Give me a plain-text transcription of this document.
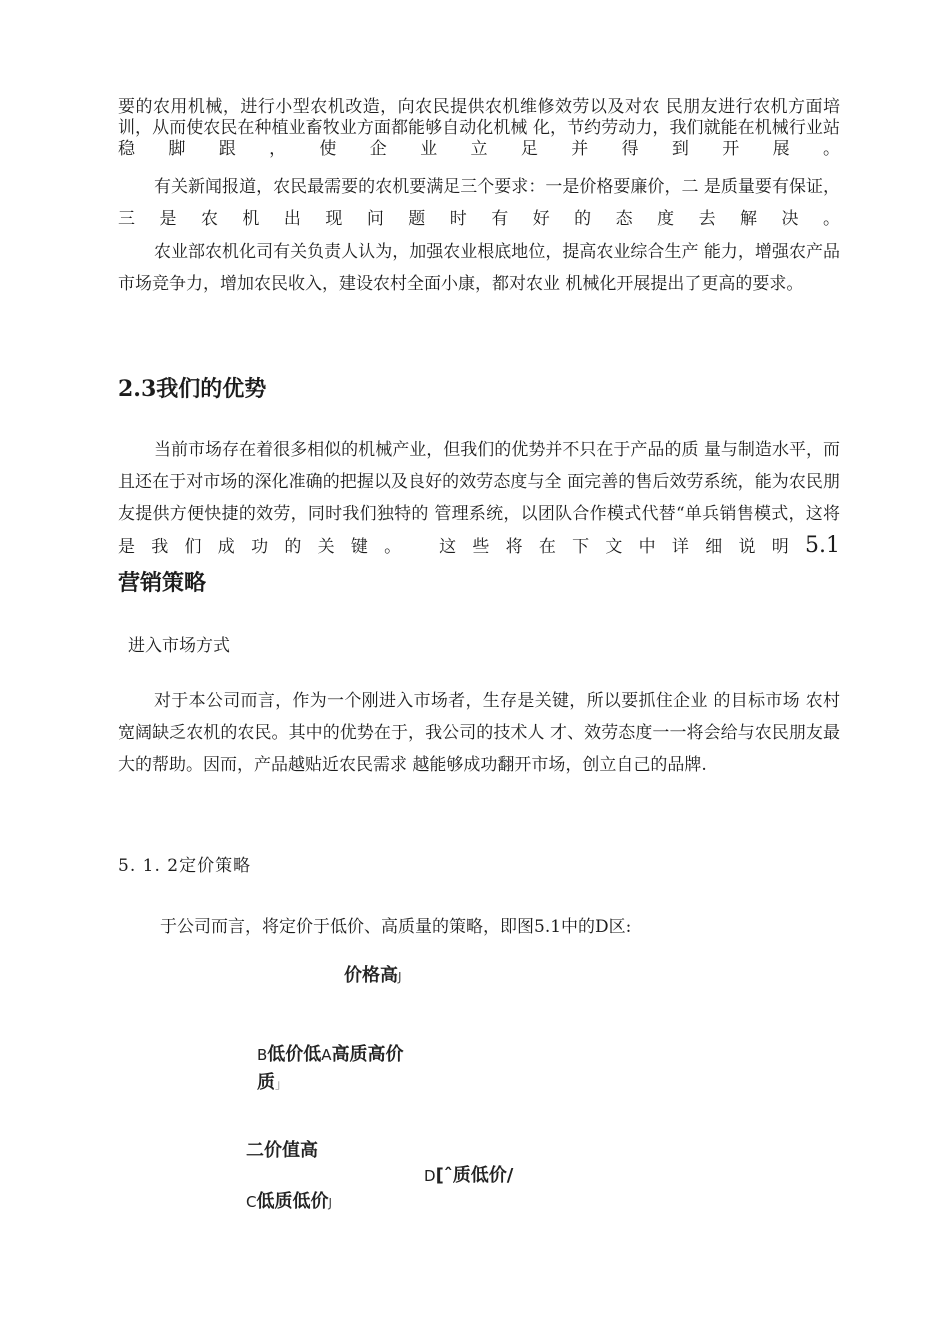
要的农用机械，进行小型农机改造，向农民提供农机维修效劳以及对农 民朋友进行农机方面培训，从而使农民在种植业畜牧业方面都能够自动化机械 化，节约劳动力，我们就能在机械行业站稳脚跟，使企业立足并得到开展。

有关新闻报道，农民最需要的农机要满足三个要求：一是价格要廉价，二 是质量要有保证，三是农机出现问题时有好的态度去解决。

农业部农机化司有关负责人认为，加强农业根底地位，提高农业综合生产 能力，增强农产品市场竞争力，增加农民收入，建设农村全面小康，都对农业 机械化开展提出了更高的要求。

2.3我们的优势

当前市场存在着很多相似的机械产业，但我们的优势并不只在于产品的质 量与制造水平，而且还在于对市场的深化准确的把握以及良好的效劳态度与全 面完善的售后效劳系统，能为农民朋友提供方便快捷的效劳，同时我们独特的 管理系统，以团队合作模式代替“单兵销售模式，这将是我们成功的关键。 这些将在下文中详细说明5.1

营销策略

进入市场方式

对于本公司而言，作为一个刚进入市场者，生存是关键，所以要抓住企业 的目标市场 农村宽阔缺乏农机的农民。其中的优势在于，我公司的技术人 才、效劳态度一一将会给与农民朋友最大的帮助。因而，产品越贴近农民需求 越能够成功翻开市场，创立自己的品牌.

5. 1. 2定价策略

于公司而言，将定价于低价、高质量的策略，即图5.1中的D区:

价格高J
B低价低A高质高价
质」
二价值高
D[ˆ质低价/
C低质低价J
